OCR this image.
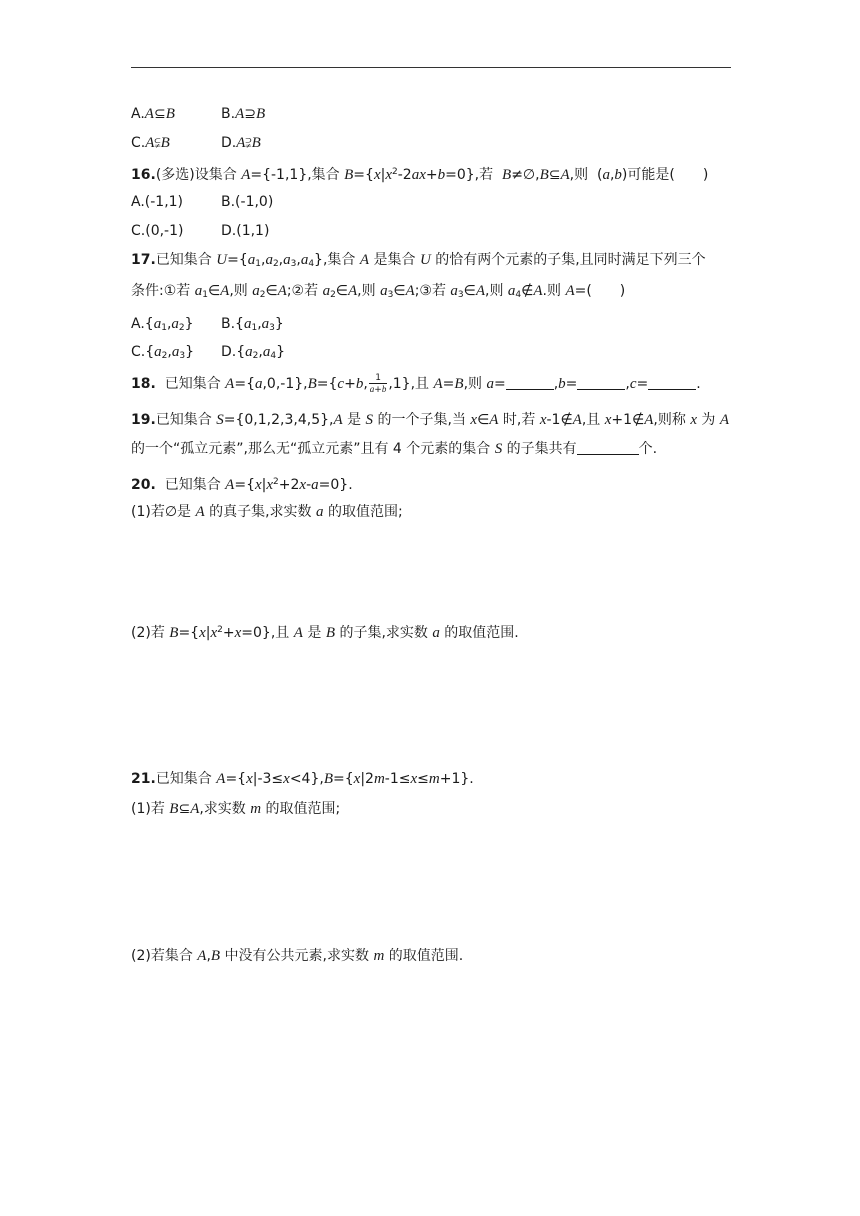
A.A⊆B	B.A⊇B
C.A⫋B	D.A⫌B
16.(多选)设集合 A={-1,1},集合 $B=\{x|x^2-2ax+b=0\}$,若  B≠∅,B⊆A,则  (a,b)可能是(　　)
A.(-1,1)	B.(-1,0)
C.(0,-1)	D.(1,1)
17.已知集合 $U=\{a_1,a_2,a_3,a_4\}$,集合 A 是集合 U 的恰有两个元素的子集,且同时满足下列三个
条件:①若 $a_1\in A$,则 $a_2\in A;②$若 $a_2\in A$,则 $a_3\in A;③$若 $a_3\in A$,则 $a_4\notin A$.则 A=(　　)
$A.\{a_1,a_2\}$ $B.\{a_1,a_3\}$
$C.\{a_2,a_3\}$ $D.\{a_2,a_4\}$
18.  已知集合 A={a,0,-1},B={c+b, $\frac{1}{a+b} ,1$},且 A=B,则 a=	,b=	,c=	.
19.已知集合 S={0,1,2,3,4,5},A 是 S 的一个子集,当 x∈A 时,若 x-1∉A,且 x+1∉A,则称 x 为 A
的一个“孤立元素”,那么无“孤立元素”且有 4 个元素的集合 S 的子集共有	个.
20.  已知集合 $A=\{x|x^2+2x-a=0\}$.
(1)若∅是 A 的真子集,求实数 a 的取值范围;
(2)若 $B=\{x|x^2+x=0\}$,且 A 是 B 的子集,求实数 a 的取值范围.
21.已知集合 A={x|-3≤x<4},B={x|2m-1≤x≤m+1}.
(1)若 B⊆A,求实数 m 的取值范围;
(2)若集合 A,B 中没有公共元素,求实数 m 的取值范围.
